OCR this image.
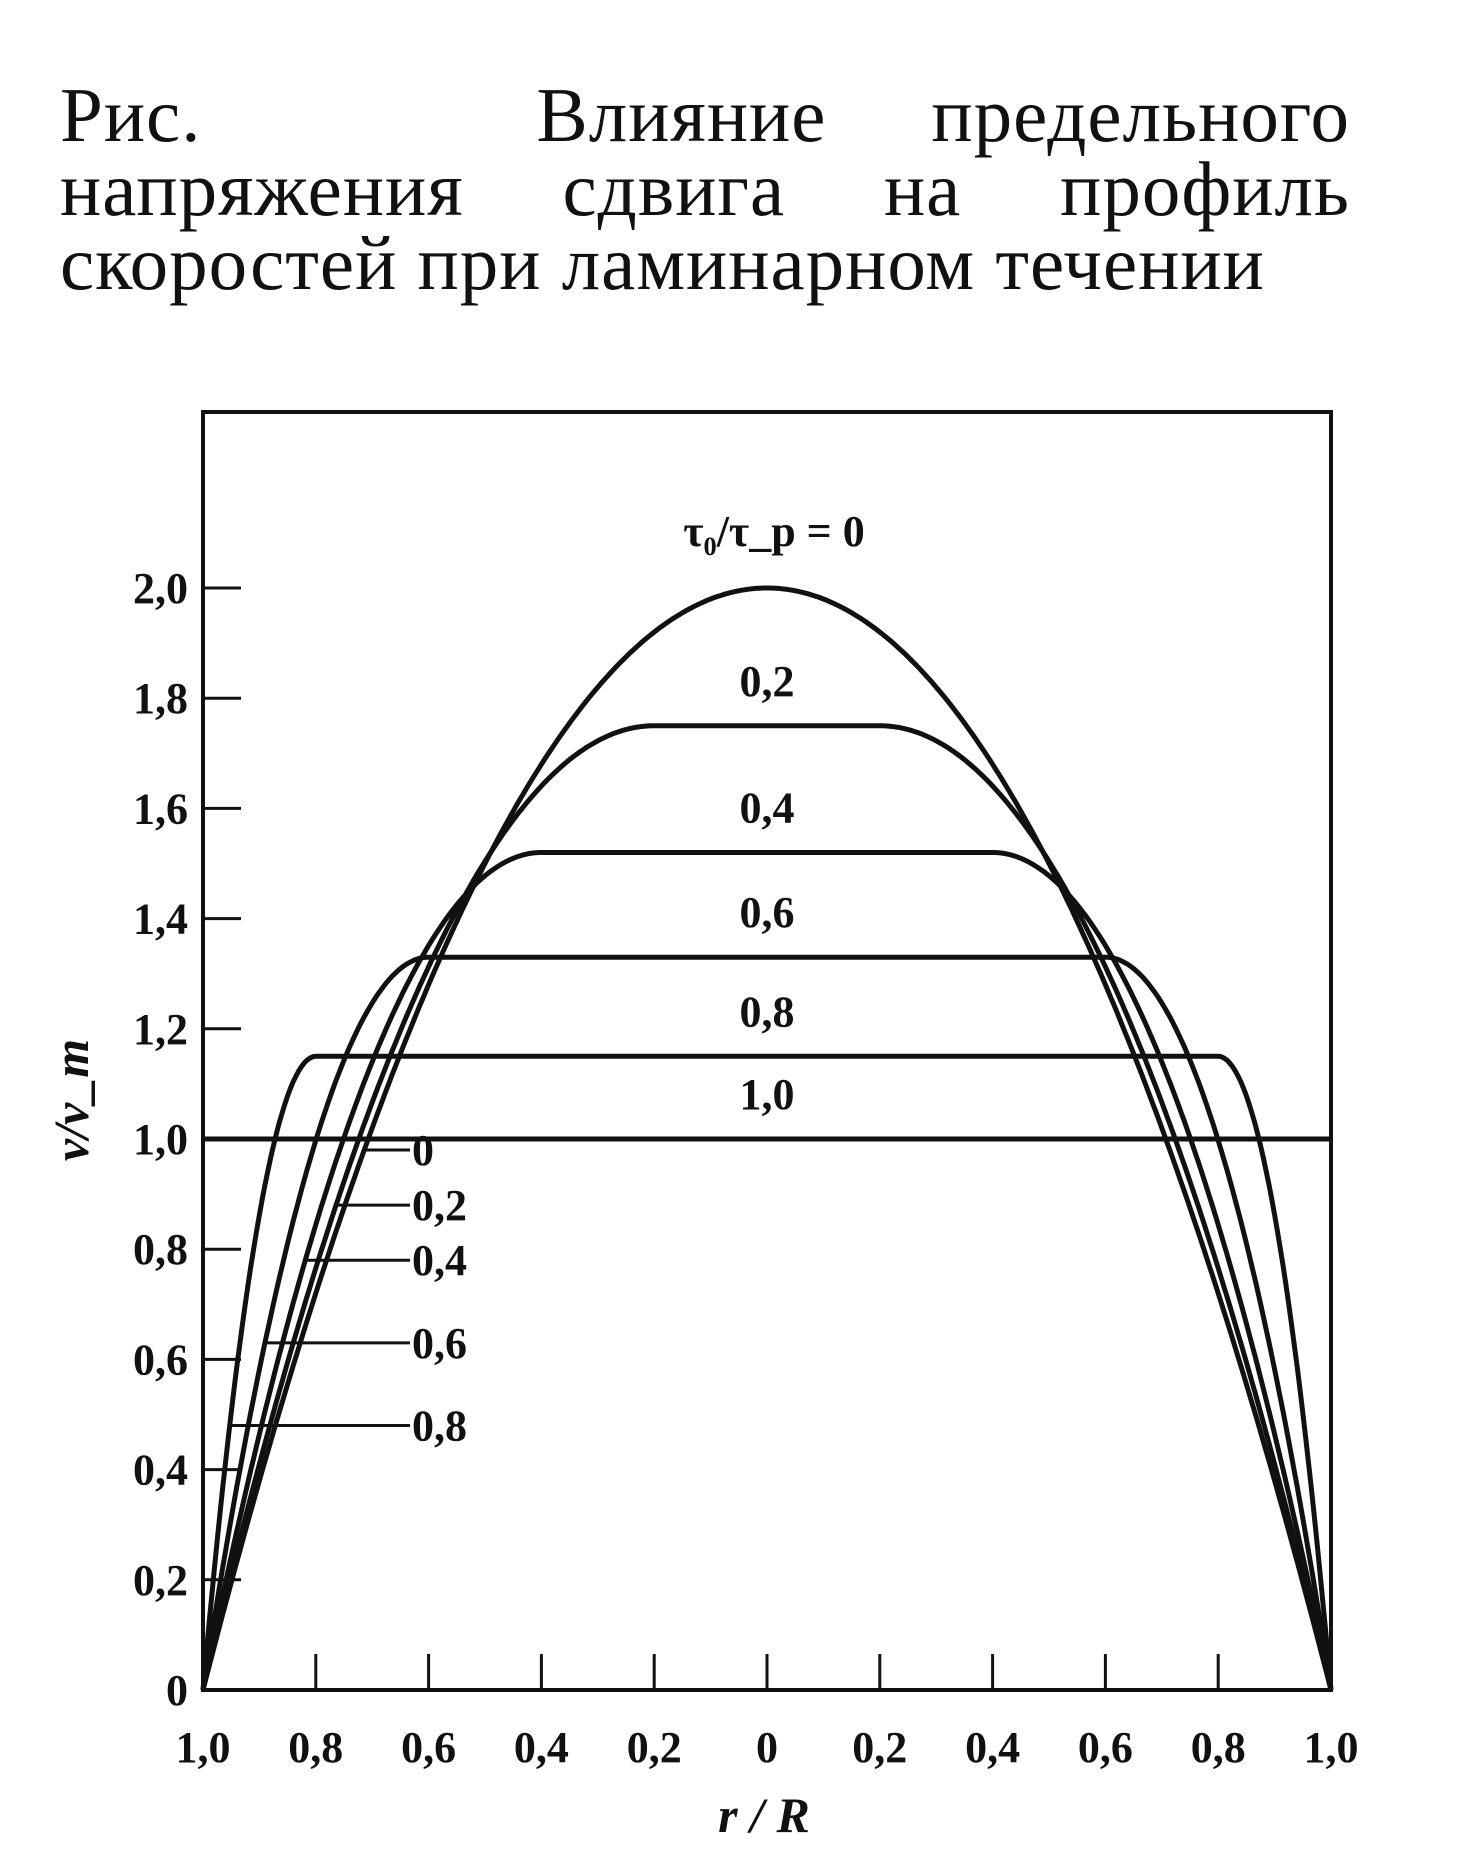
Рис.	Влияние предельного напряжения сдвига на профиль скоростей при ламинарном течении
0
0,2
0,4
0,6
0,8
1,0
1,2
1,4
1,6
1,8
2,0
1,0 0,8 0,6 0,4 0,2 0 0,2 0,4 0,6 0,8 1,0
0,2
0,4
0,6
0,8
1,0
0
0,2
0,4
0,6
0,8
τ₀/τ_p = 0
r / R
v/v_m
